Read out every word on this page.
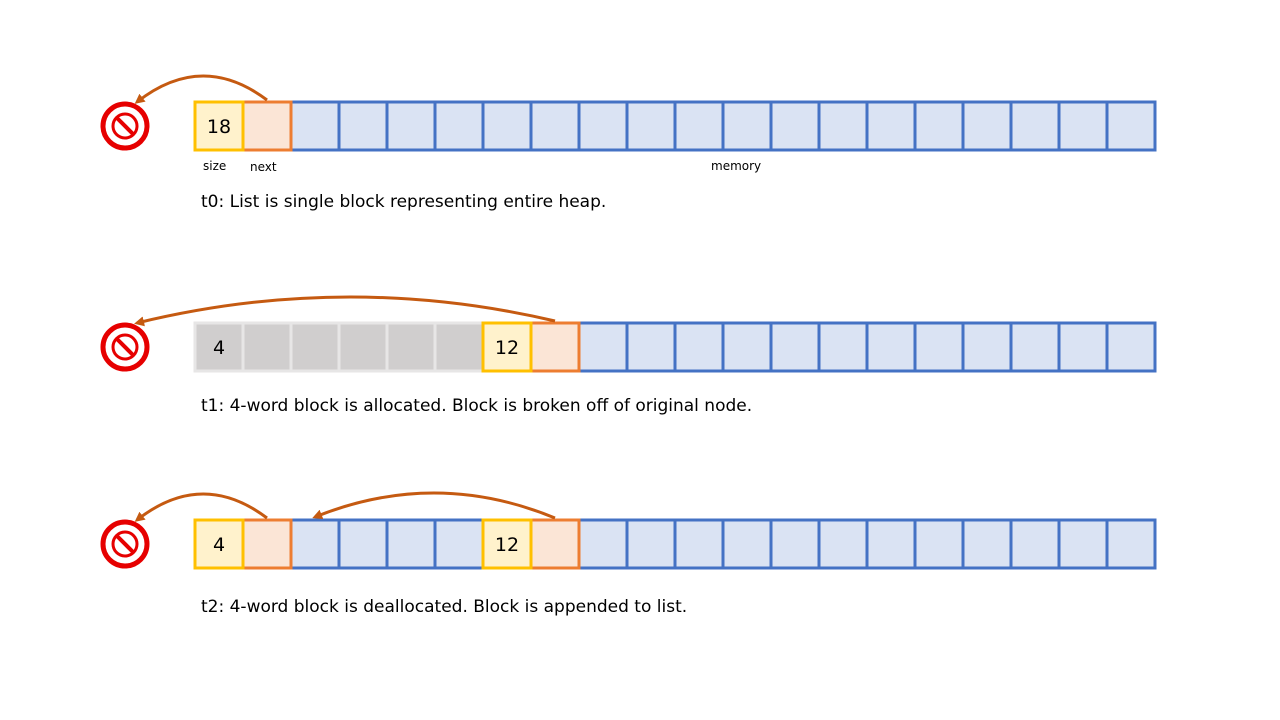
18
4	12
4	12
size next	memory
t0: List is single block representing entire heap.
t1: 4-word block is allocated. Block is broken off of original node.
t2: 4-word block is deallocated. Block is appended to list.
